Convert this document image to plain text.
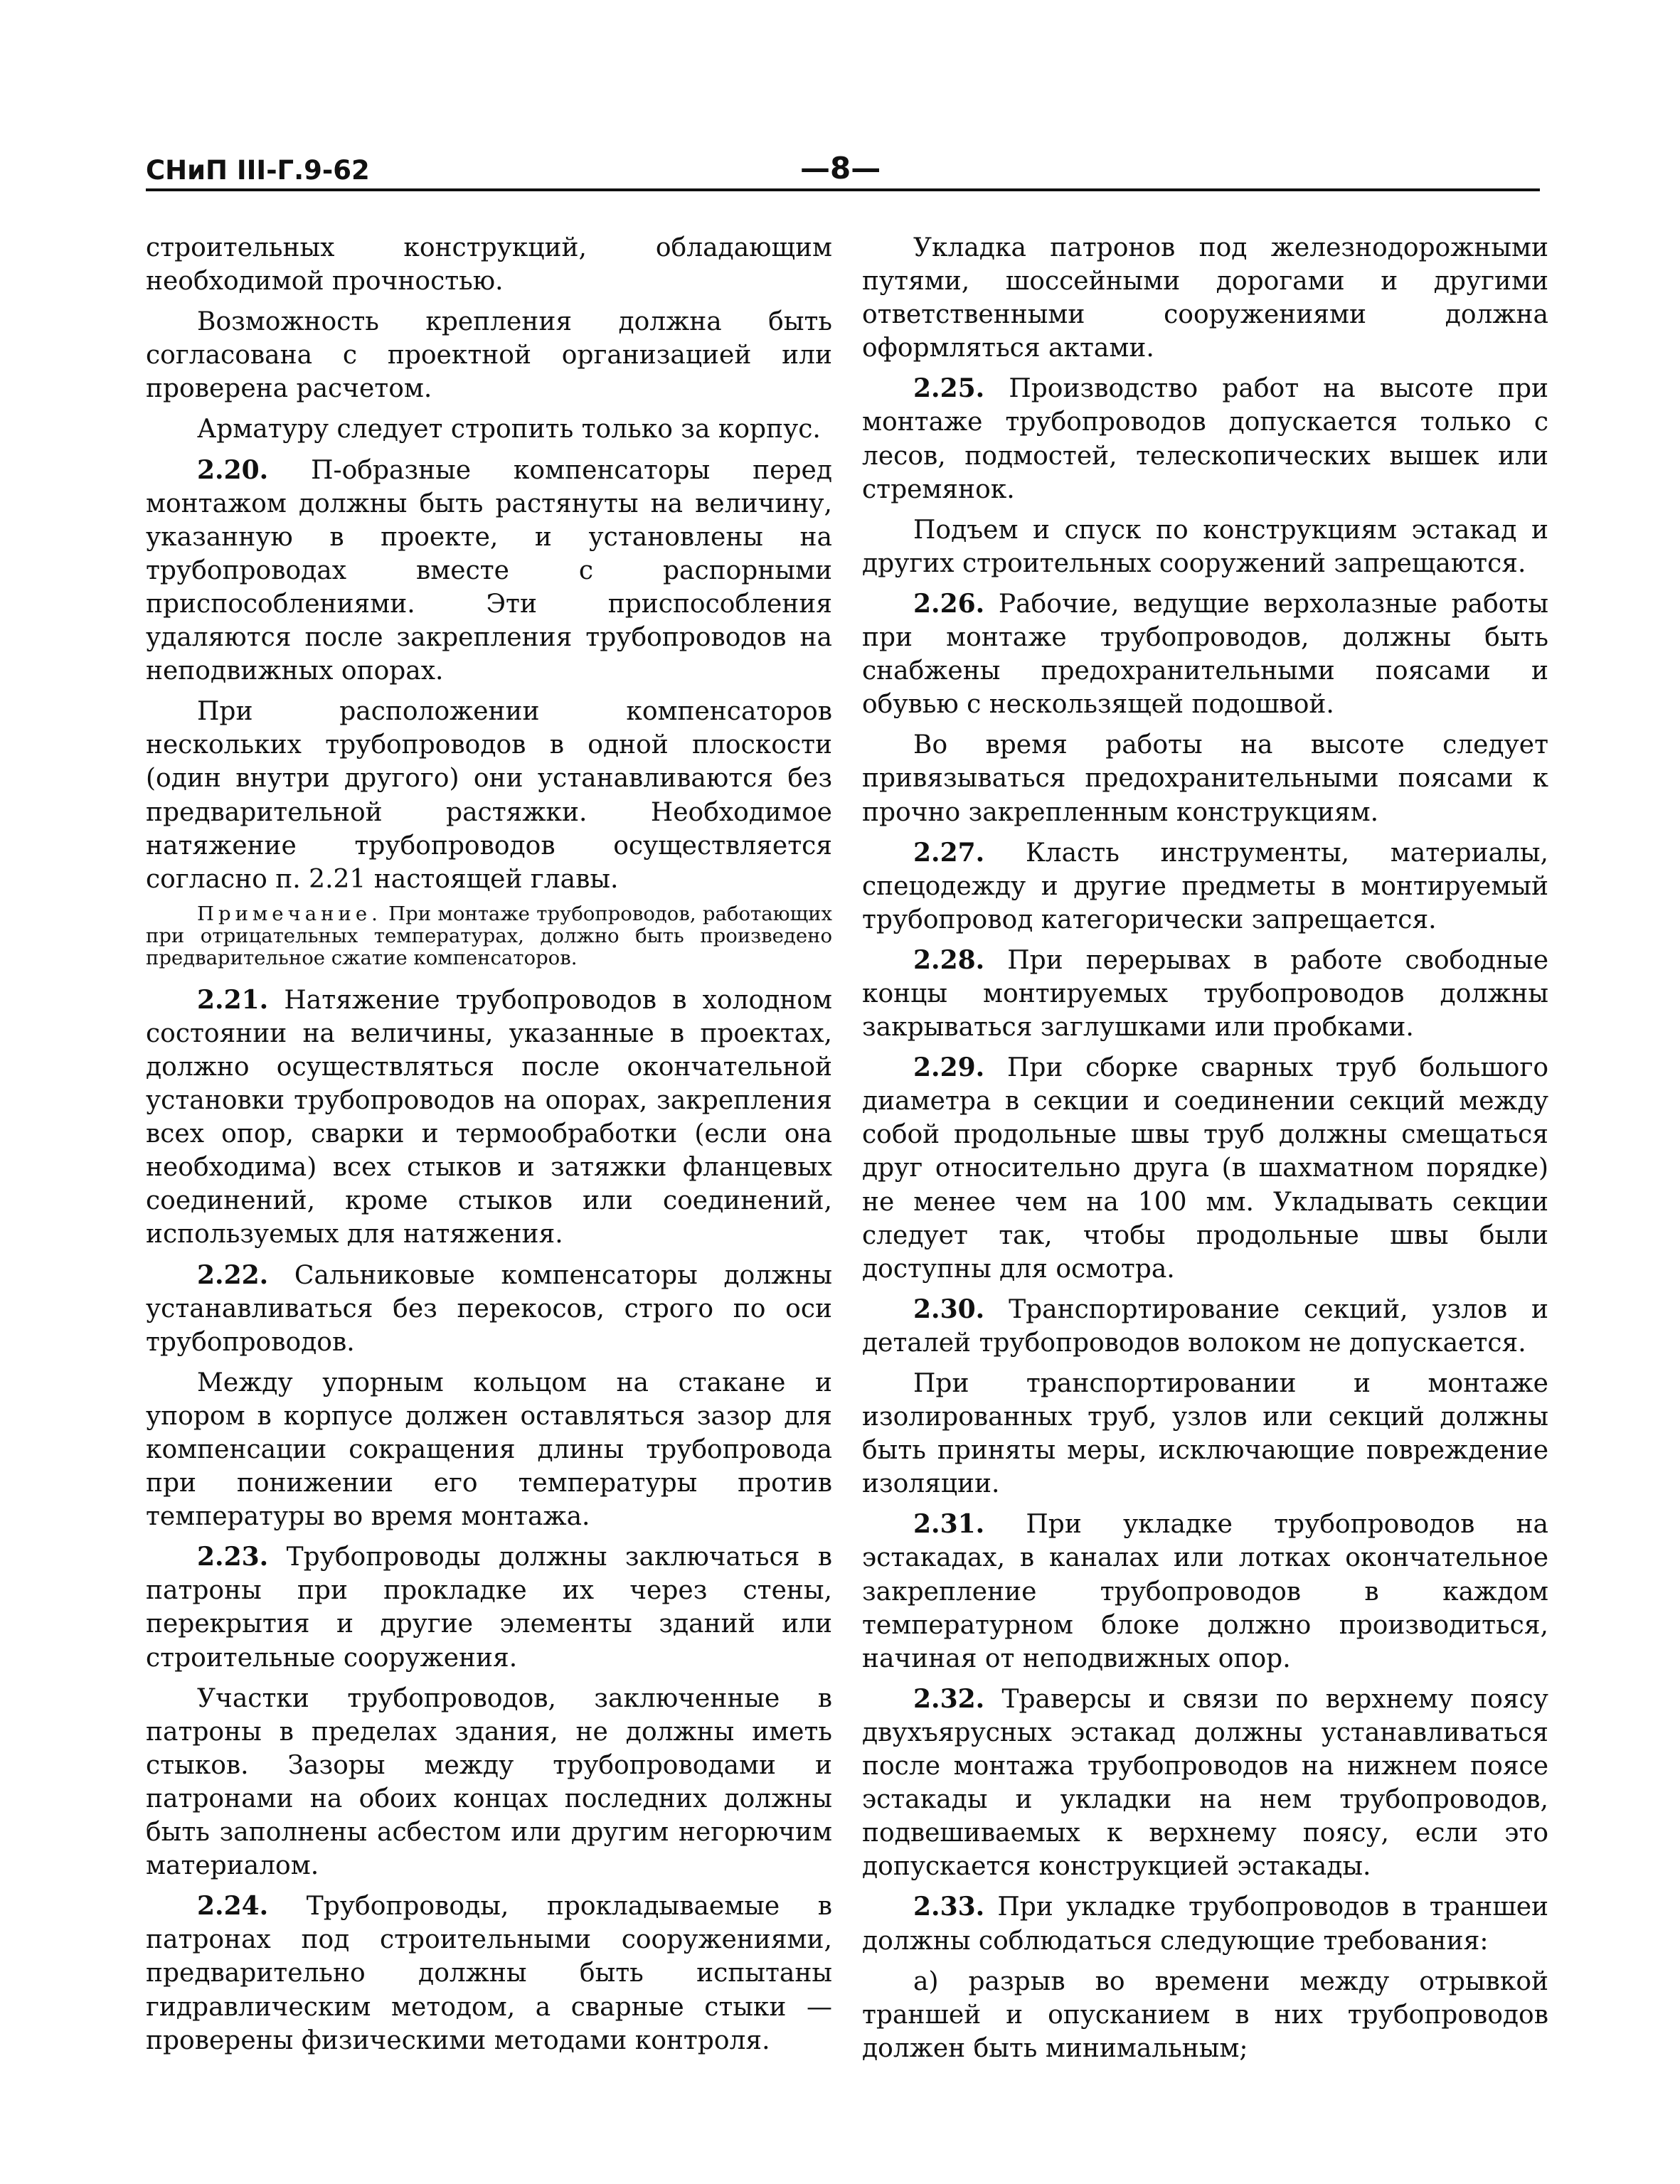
СНиП III-Г.9-62	—8—

строительных конструкций, обладающим необходимой прочностью.

Возможность крепления должна быть согласована с проектной организацией или проверена расчетом.

Арматуру следует стропить только за корпус.

2.20. П-образные компенсаторы перед монтажом должны быть растянуты на величину, указанную в проекте, и установлены на трубопроводах вместе с распорными приспособлениями. Эти приспособления удаляются после закрепления трубопроводов на неподвижных опорах.

При расположении компенсаторов нескольких трубопроводов в одной плоскости (один внутри другого) они устанавливаются без предварительной растяжки. Необходимое натяжение трубопроводов осуществляется согласно п. 2.21 настоящей главы.

Примечание. При монтаже трубопроводов, работающих при отрицательных температурах, должно быть произведено предварительное сжатие компенсаторов.

2.21. Натяжение трубопроводов в холодном состоянии на величины, указанные в проектах, должно осуществляться после окончательной установки трубопроводов на опорах, закрепления всех опор, сварки и термообработки (если она необходима) всех стыков и затяжки фланцевых соединений, кроме стыков или соединений, используемых для натяжения.

2.22. Сальниковые компенсаторы должны устанавливаться без перекосов, строго по оси трубопроводов.

Между упорным кольцом на стакане и упором в корпусе должен оставляться зазор для компенсации сокращения длины трубопровода при понижении его температуры против температуры во время монтажа.

2.23. Трубопроводы должны заключаться в патроны при прокладке их через стены, перекрытия и другие элементы зданий или строительные сооружения.

Участки трубопроводов, заключенные в патроны в пределах здания, не должны иметь стыков. Зазоры между трубопроводами и патронами на обоих концах последних должны быть заполнены асбестом или другим негорючим материалом.

2.24. Трубопроводы, прокладываемые в патронах под строительными сооружениями, предварительно должны быть испытаны гидравлическим методом, а сварные стыки — проверены физическими методами контроля.

Укладка патронов под железнодорожными путями, шоссейными дорогами и другими ответственными сооружениями должна оформляться актами.

2.25. Производство работ на высоте при монтаже трубопроводов допускается только с лесов, подмостей, телескопических вышек или стремянок.

Подъем и спуск по конструкциям эстакад и других строительных сооружений запрещаются.

2.26. Рабочие, ведущие верхолазные работы при монтаже трубопроводов, должны быть снабжены предохранительными поясами и обувью с нескользящей подошвой.

Во время работы на высоте следует привязываться предохранительными поясами к прочно закрепленным конструкциям.

2.27. Класть инструменты, материалы, спецодежду и другие предметы в монтируемый трубопровод категорически запрещается.

2.28. При перерывах в работе свободные концы монтируемых трубопроводов должны закрываться заглушками или пробками.

2.29. При сборке сварных труб большого диаметра в секции и соединении секций между собой продольные швы труб должны смещаться друг относительно друга (в шахматном порядке) не менее чем на 100 мм. Укладывать секции следует так, чтобы продольные швы были доступны для осмотра.

2.30. Транспортирование секций, узлов и деталей трубопроводов волоком не допускается.

При транспортировании и монтаже изолированных труб, узлов или секций должны быть приняты меры, исключающие повреждение изоляции.

2.31. При укладке трубопроводов на эстакадах, в каналах или лотках окончательное закрепление трубопроводов в каждом температурном блоке должно производиться, начиная от неподвижных опор.

2.32. Траверсы и связи по верхнему поясу двухъярусных эстакад должны устанавливаться после монтажа трубопроводов на нижнем поясе эстакады и укладки на нем трубопроводов, подвешиваемых к верхнему поясу, если это допускается конструкцией эстакады.

2.33. При укладке трубопроводов в траншеи должны соблюдаться следующие требования:

а) разрыв во времени между отрывкой траншей и опусканием в них трубопроводов должен быть минимальным;
